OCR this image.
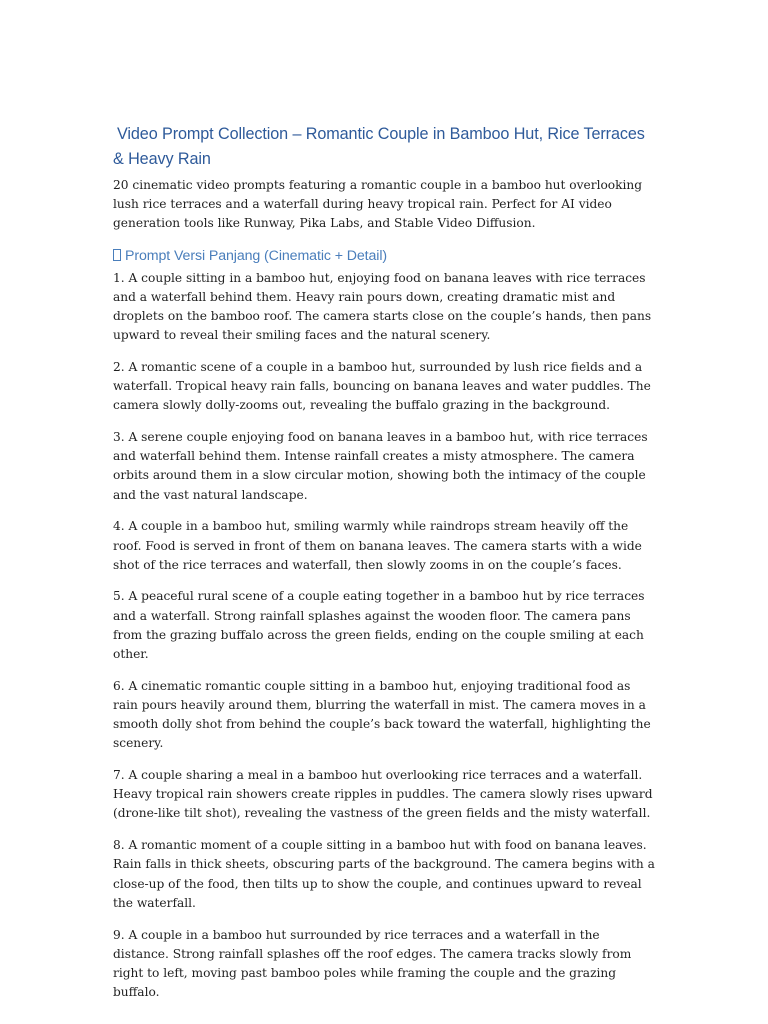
Video Prompt Collection – Romantic Couple in Bamboo Hut, Rice Terraces & Heavy Rain

20 cinematic video prompts featuring a romantic couple in a bamboo hut overlooking lush rice terraces and a waterfall during heavy tropical rain. Perfect for AI video generation tools like Runway, Pika Labs, and Stable Video Diffusion.

Prompt Versi Panjang (Cinematic + Detail)

1. A couple sitting in a bamboo hut, enjoying food on banana leaves with rice terraces and a waterfall behind them. Heavy rain pours down, creating dramatic mist and droplets on the bamboo roof. The camera starts close on the couple’s hands, then pans upward to reveal their smiling faces and the natural scenery.

2. A romantic scene of a couple in a bamboo hut, surrounded by lush rice fields and a waterfall. Tropical heavy rain falls, bouncing on banana leaves and water puddles. The camera slowly dolly-zooms out, revealing the buffalo grazing in the background.

3. A serene couple enjoying food on banana leaves in a bamboo hut, with rice terraces and waterfall behind them. Intense rainfall creates a misty atmosphere. The camera orbits around them in a slow circular motion, showing both the intimacy of the couple and the vast natural landscape.

4. A couple in a bamboo hut, smiling warmly while raindrops stream heavily off the roof. Food is served in front of them on banana leaves. The camera starts with a wide shot of the rice terraces and waterfall, then slowly zooms in on the couple’s faces.

5. A peaceful rural scene of a couple eating together in a bamboo hut by rice terraces and a waterfall. Strong rainfall splashes against the wooden floor. The camera pans from the grazing buffalo across the green fields, ending on the couple smiling at each other.

6. A cinematic romantic couple sitting in a bamboo hut, enjoying traditional food as rain pours heavily around them, blurring the waterfall in mist. The camera moves in a smooth dolly shot from behind the couple’s back toward the waterfall, highlighting the scenery.

7. A couple sharing a meal in a bamboo hut overlooking rice terraces and a waterfall. Heavy tropical rain showers create ripples in puddles. The camera slowly rises upward (drone-like tilt shot), revealing the vastness of the green fields and the misty waterfall.

8. A romantic moment of a couple sitting in a bamboo hut with food on banana leaves. Rain falls in thick sheets, obscuring parts of the background. The camera begins with a close-up of the food, then tilts up to show the couple, and continues upward to reveal the waterfall.

9. A couple in a bamboo hut surrounded by rice terraces and a waterfall in the distance. Strong rainfall splashes off the roof edges. The camera tracks slowly from right to left, moving past bamboo poles while framing the couple and the grazing buffalo.
